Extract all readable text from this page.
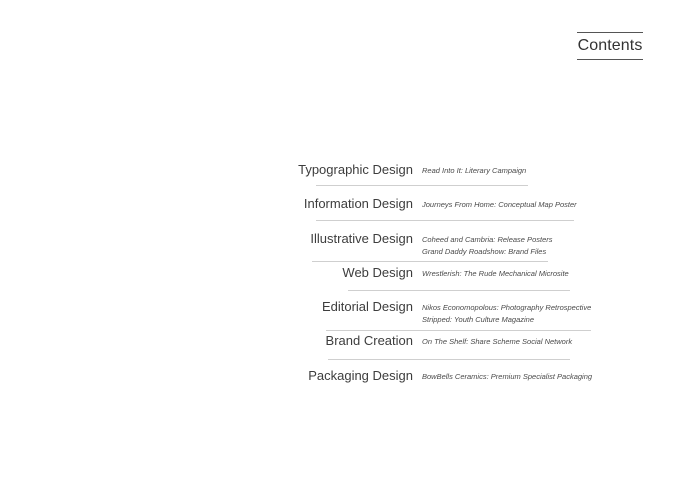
Contents
Typographic Design Read Into It: Literary Campaign
Information Design Journeys From Home: Conceptual Map Poster
Illustrative Design Coheed and Cambria: Release Posters
Grand Daddy Roadshow: Brand Files
Web Design Wrestlerish: The Rude Mechanical Microsite
Editorial Design Nikos Economopolous: Photography Retrospective
Stripped: Youth Culture Magazine
Brand Creation On The Shelf: Share Scheme Social Network
Packaging Design BowBells Ceramics: Premium Specialist Packaging
